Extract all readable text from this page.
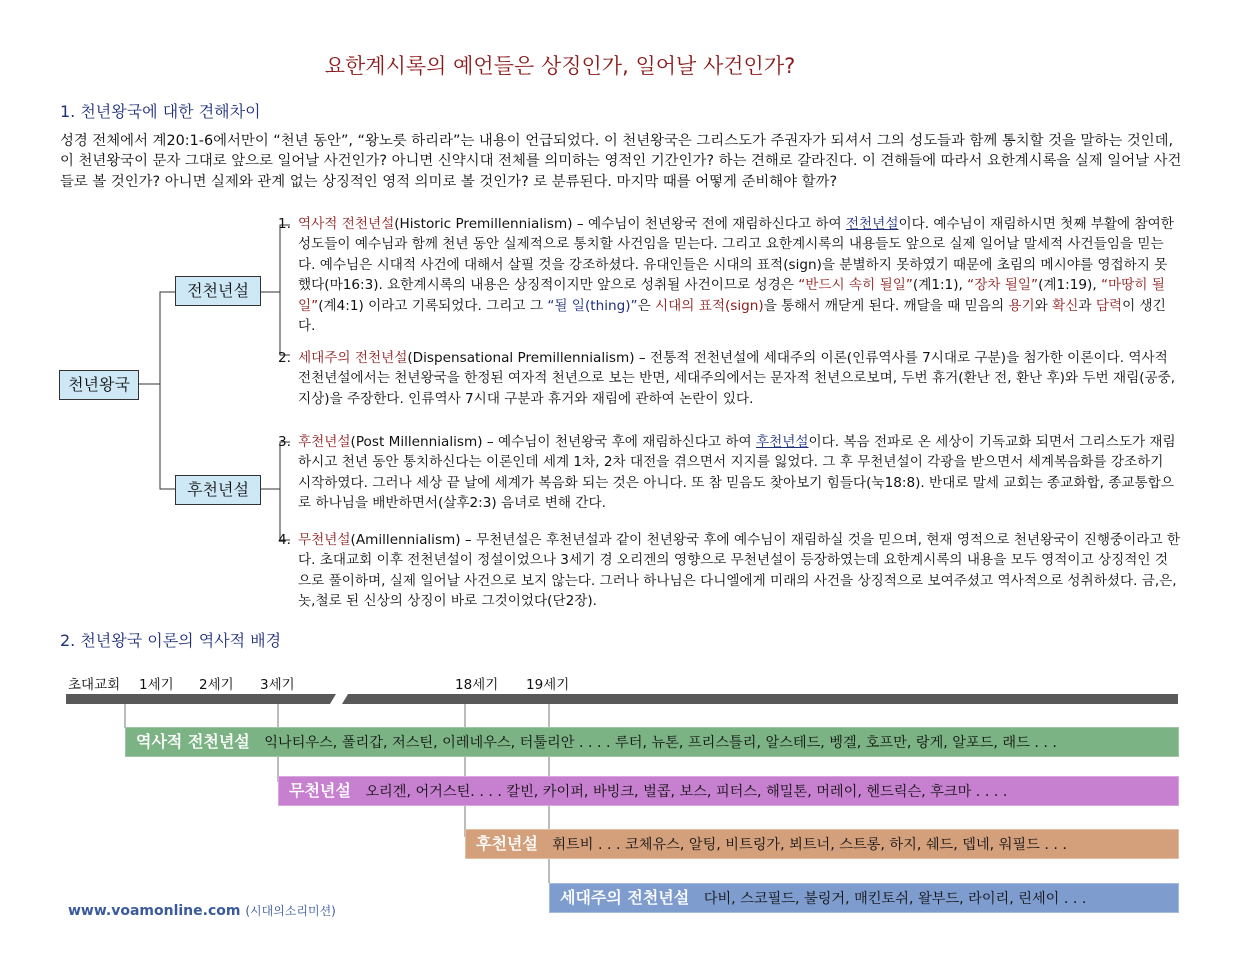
요한계시록의 예언들은 상징인가, 일어날 사건인가?
1. 천년왕국에 대한 견해차이
성경 전체에서 계20:1-6에서만이 “천년 동안”, “왕노릇 하리라”는 내용이 언급되었다. 이 천년왕국은 그리스도가 주권자가 되셔서 그의 성도들과 함께 통치할 것을 말하는 것인데, 이 천년왕국이 문자 그대로 앞으로 일어날 사건인가? 아니면 신약시대 전체를 의미하는 영적인 기간인가? 하는 견해로 갈라진다. 이 견해들에 따라서 요한계시록을 실제 일어날 사건들로 볼 것인가? 아니면 실제와 관계 없는 상징적인 영적 의미로 볼 것인가? 로 분류된다. 마지막 때를 어떻게 준비해야 할까?
천년왕국
전천년설
후천년설
1. 역사적 전천년설(Historic Premillennialism) – 예수님이 천년왕국 전에 재림하신다고 하여 전천년설이다. 예수님이 재림하시면 첫째 부활에 참여한 성도들이 예수님과 함께 천년 동안 실제적으로 통치할 사건임을 믿는다. 그리고 요한계시록의 내용들도 앞으로 실제 일어날 말세적 사건들임을 믿는다. 예수님은 시대적 사건에 대해서 살필 것을 강조하셨다. 유대인들은 시대의 표적(sign)을 분별하지 못하였기 때문에 초림의 메시야를 영접하지 못했다(마16:3). 요한계시록의 내용은 상징적이지만 앞으로 성취될 사건이므로 성경은 “반드시 속히 될일”(계1:1), “장차 될일”(계1:19), “마땅히 될일”(계4:1) 이라고 기록되었다. 그리고 그 “될 일(thing)”은 시대의 표적(sign)을 통해서 깨닫게 된다. 깨달을 때 믿음의 용기와 확신과 담력이 생긴다.
2. 세대주의 전천년설(Dispensational Premillennialism) – 전통적 전천년설에 세대주의 이론(인류역사를 7시대로 구분)을 첨가한 이론이다. 역사적 전천년설에서는 천년왕국을 한정된 여자적 천년으로 보는 반면, 세대주의에서는 문자적 천년으로보며, 두번 휴거(환난 전, 환난 후)와 두번 재림(공중, 지상)을 주장한다. 인류역사 7시대 구분과 휴거와 재림에 관하여 논란이 있다.
3. 후천년설(Post Millennialism) – 예수님이 천년왕국 후에 재림하신다고 하여 후천년설이다. 복음 전파로 온 세상이 기독교화 되면서 그리스도가 재림하시고 천년 동안 통치하신다는 이론인데 세계 1차, 2차 대전을 겪으면서 지지를 잃었다. 그 후 무천년설이 각광을 받으면서 세계복음화를 강조하기 시작하였다. 그러나 세상 끝 날에 세계가 복음화 되는 것은 아니다. 또 참 믿음도 찾아보기 힘들다(눅18:8). 반대로 말세 교회는 종교화합, 종교통합으로 하나님을 배반하면서(살후2:3) 음녀로 변해 간다.
4. 무천년설(Amillennialism) – 무천년설은 후천년설과 같이 천년왕국 후에 예수님이 재림하실 것을 믿으며, 현재 영적으로 천년왕국이 진행중이라고 한다. 초대교회 이후 전천년설이 정설이었으나 3세기 경 오리겐의 영향으로 무천년설이 등장하였는데 요한계시록의 내용을 모두 영적이고 상징적인 것으로 풀이하며, 실제 일어날 사건으로 보지 않는다. 그러나 하나님은 다니엘에게 미래의 사건을 상징적으로 보여주셨고 역사적으로 성취하셨다. 금,은,놋,철로 된 신상의 상징이 바로 그것이었다(단2장).
2. 천년왕국 이론의 역사적 배경
초대교회 1세기 2세기 3세기	18세기 19세기
역사적 전천년설 익나티우스, 폴리갑, 저스틴, 이레네우스, 터툴리안 . . . . 루터, 뉴톤, 프리스틀리, 알스테드, 벵겔, 호프만, 랑게, 알포드, 래드 . . .
무천년설 오리겐, 어거스틴. . . . 칼빈, 카이퍼, 바빙크, 벌콥, 보스, 피터스, 해밀톤, 머레이, 헨드릭슨, 후크마 . . . .
후천년설 휘트비 . . . 코체유스, 알팅, 비트링가, 뵈트너, 스트롱, 하지, 쉐드, 뎁네, 워필드 . . .
세대주의 전천년설 다비, 스코필드, 불링거, 매킨토쉬, 왈부드, 라이리, 린세이 . . .
www.voamonline.com (시대의소리미션)
